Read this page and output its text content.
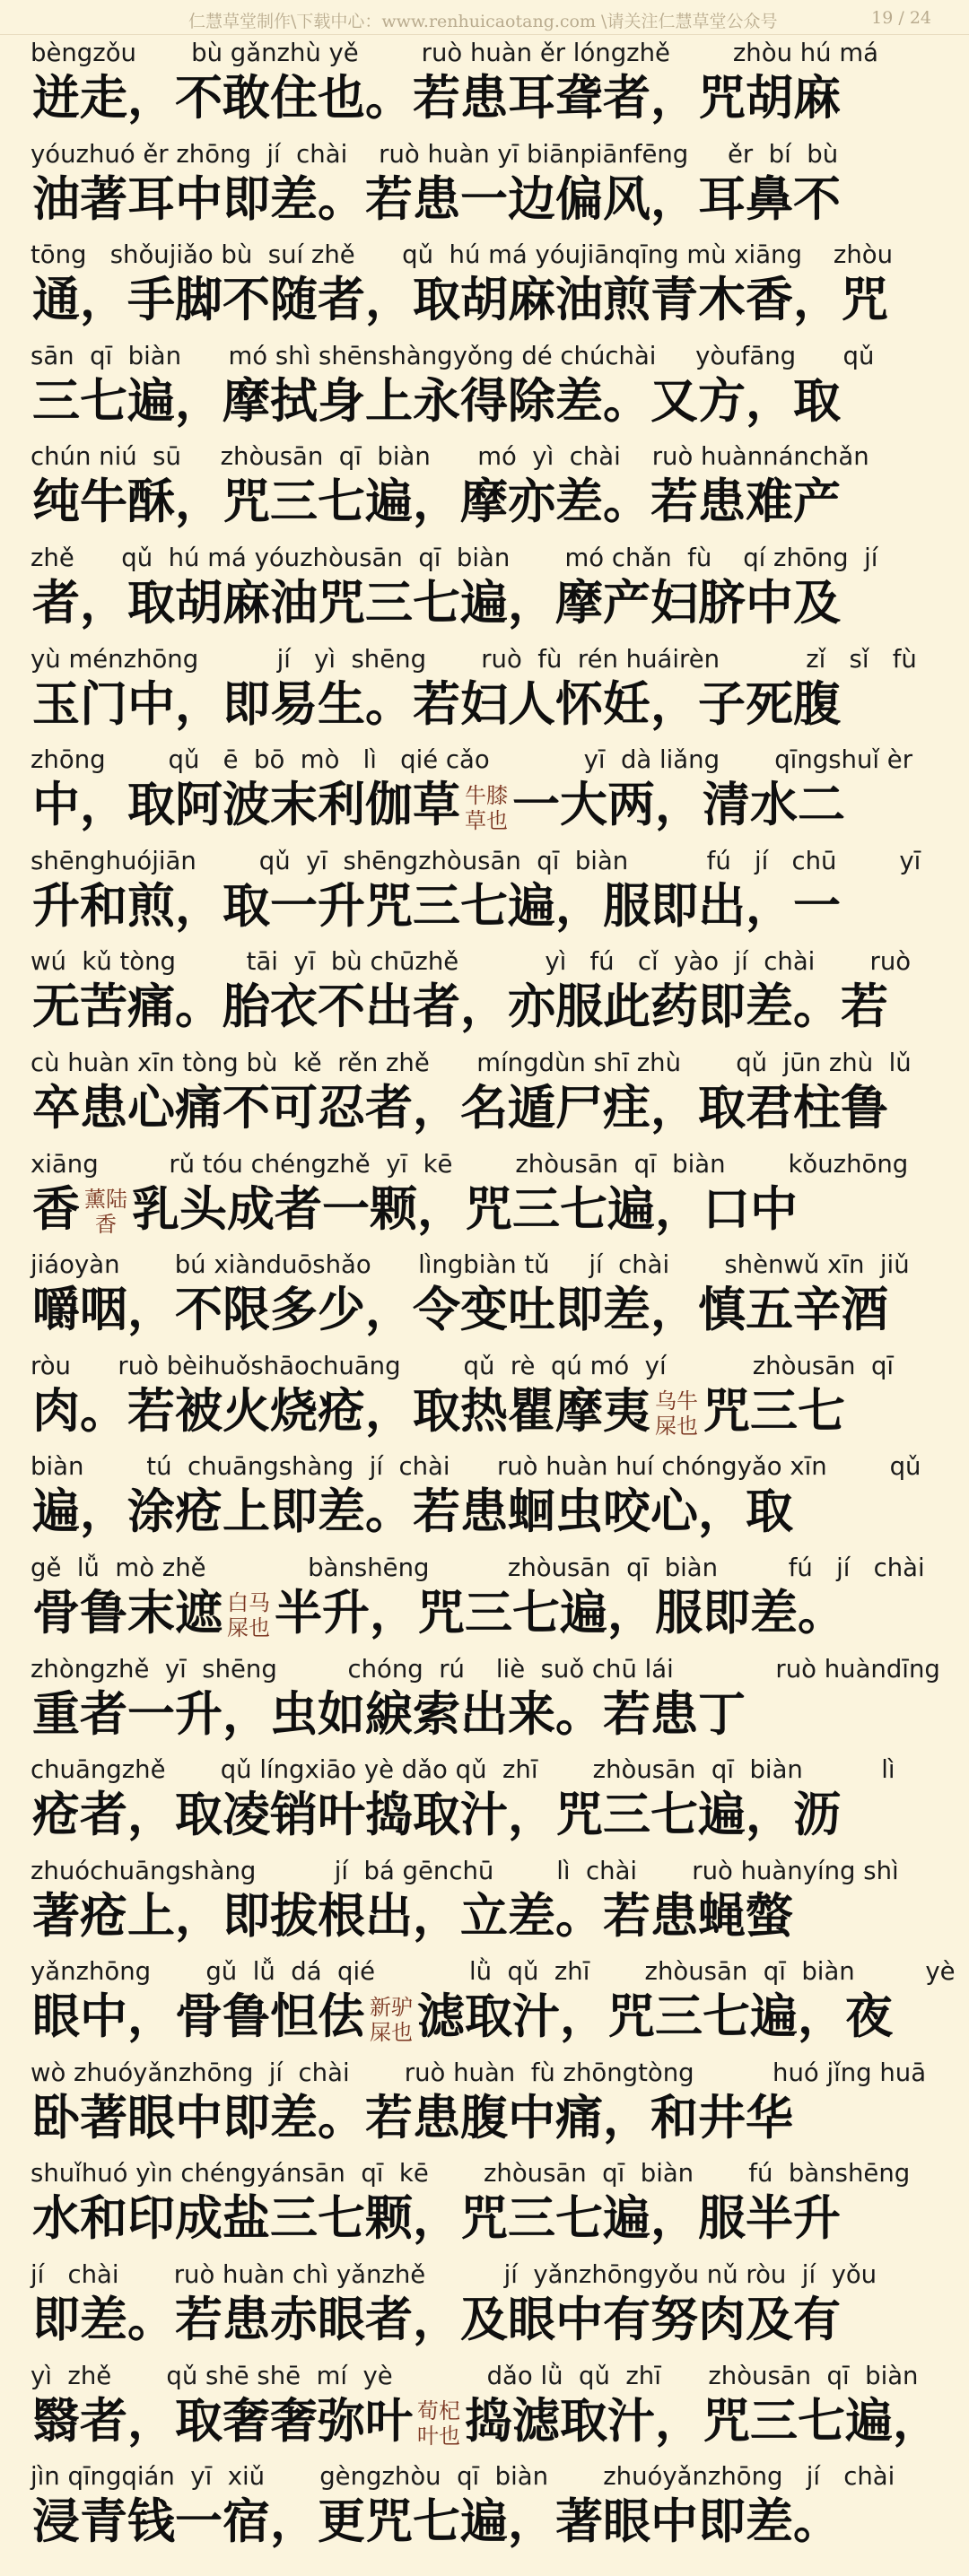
仁慧草堂制作\下载中心：www.renhuicaotang.com \请关注仁慧草堂公众号	19 / 24
bèngzǒu       bù gǎnzhù yě        ruò huàn ěr lóngzhě        zhòu hú má
迸走，不敢住也。若患耳聋者，咒胡麻
yóuzhuó ěr zhōng  jí  chài    ruò huàn yī biānpiānfēng     ěr  bí  bù
油著耳中即差。若患一边偏风，耳鼻不
tōng   shǒujiǎo bù  suí zhě      qǔ  hú má yóujiānqīng mù xiāng    zhòu
通，手脚不随者，取胡麻油煎青木香，咒
sān  qī  biàn      mó shì shēnshàngyǒng dé chúchài     yòufāng      qǔ
三七遍，摩拭身上永得除差。又方，取
chún niú  sū     zhòusān  qī  biàn      mó  yì  chài    ruò huànnánchǎn
纯牛酥，咒三七遍，摩亦差。若患难产
zhě      qǔ  hú má yóuzhòusān  qī  biàn       mó chǎn  fù    qí zhōng  jí
者，取胡麻油咒三七遍，摩产妇脐中及
yù ménzhōng          jí   yì  shēng       ruò  fù  rén huáirèn           zǐ   sǐ   fù
玉门中，即易生。若妇人怀妊，子死腹
zhōng        qǔ   ē  bō  mò   lì   qié cǎo            yī  dà liǎng       qīngshuǐ èr
中，取阿波末利伽草 牛膝
草也 一大两，清水二
shēnghuójiān        qǔ  yī  shēngzhòusān  qī  biàn          fú   jí   chū        yī
升和煎，取一升咒三七遍，服即出，一
wú  kǔ tòng         tāi  yī  bù chūzhě           yì   fú   cǐ  yào  jí  chài       ruò
无苦痛。胎衣不出者，亦服此药即差。若
cù huàn xīn tòng bù  kě  rěn zhě      míngdùn shī zhù       qǔ  jūn zhù  lǔ
卒患心痛不可忍者，名遁尸疰，取君柱鲁
xiāng         rǔ tóu chéngzhě  yī  kē        zhòusān  qī  biàn        kǒuzhōng
香 薰陆
香 乳头成者一颗，咒三七遍，口中
jiáoyàn       bú xiànduōshǎo      lìngbiàn tǔ     jí  chài       shènwǔ xīn  jiǔ
嚼咽，不限多少，令变吐即差，慎五辛酒
ròu      ruò bèihuǒshāochuāng        qǔ  rè  qú mó  yí           zhòusān  qī
肉。若被火烧疮，取热瞿摩夷 乌牛
屎也 咒三七
biàn        tú  chuāngshàng  jí  chài      ruò huàn huí chóngyǎo xīn        qǔ
遍，涂疮上即差。若患蛔虫咬心，取
gě  lǚ  mò zhě             bànshēng          zhòusān  qī  biàn         fú   jí   chài
骨鲁末遮 白马
屎也 半升，咒三七遍，服即差。
zhòngzhě  yī  shēng         chóng  rú    liè  suǒ chū lái             ruò huàndīng
重者一升，虫如綟索出来。若患丁
chuāngzhě       qǔ língxiāo yè dǎo qǔ  zhī       zhòusān  qī  biàn          lì
疮者，取凌销叶捣取汁，咒三七遍，沥
zhuóchuāngshàng          jí  bá gēnchū        lì  chài       ruò huànyíng shì
著疮上，即拔根出，立差。若患蝇螫
yǎnzhōng       gǔ  lǚ  dá  qié            lǜ  qǔ  zhī       zhòusān  qī  biàn         yè
眼中，骨鲁怛佉 新驴
屎也 滤取汁，咒三七遍，夜
wò zhuóyǎnzhōng  jí  chài       ruò huàn  fù zhōngtòng          huó jǐng huā
卧著眼中即差。若患腹中痛，和井华
shuǐhuó yìn chéngyánsān  qī  kē       zhòusān  qī  biàn       fú  bànshēng
水和印成盐三七颗，咒三七遍，服半升
jí   chài       ruò huàn chì yǎnzhě          jí  yǎnzhōngyǒu nǔ ròu  jí  yǒu
即差。若患赤眼者，及眼中有努肉及有
yì  zhě       qǔ shē shē  mí  yè            dǎo lǜ  qǔ  zhī      zhòusān  qī  biàn
翳者，取奢奢弥叶 荀杞
叶也 捣滤取汁，咒三七遍，
jìn qīngqián  yī  xiǔ       gèngzhòu  qī  biàn       zhuóyǎnzhōng   jí   chài
浸青钱一宿，更咒七遍，著眼中即差。
